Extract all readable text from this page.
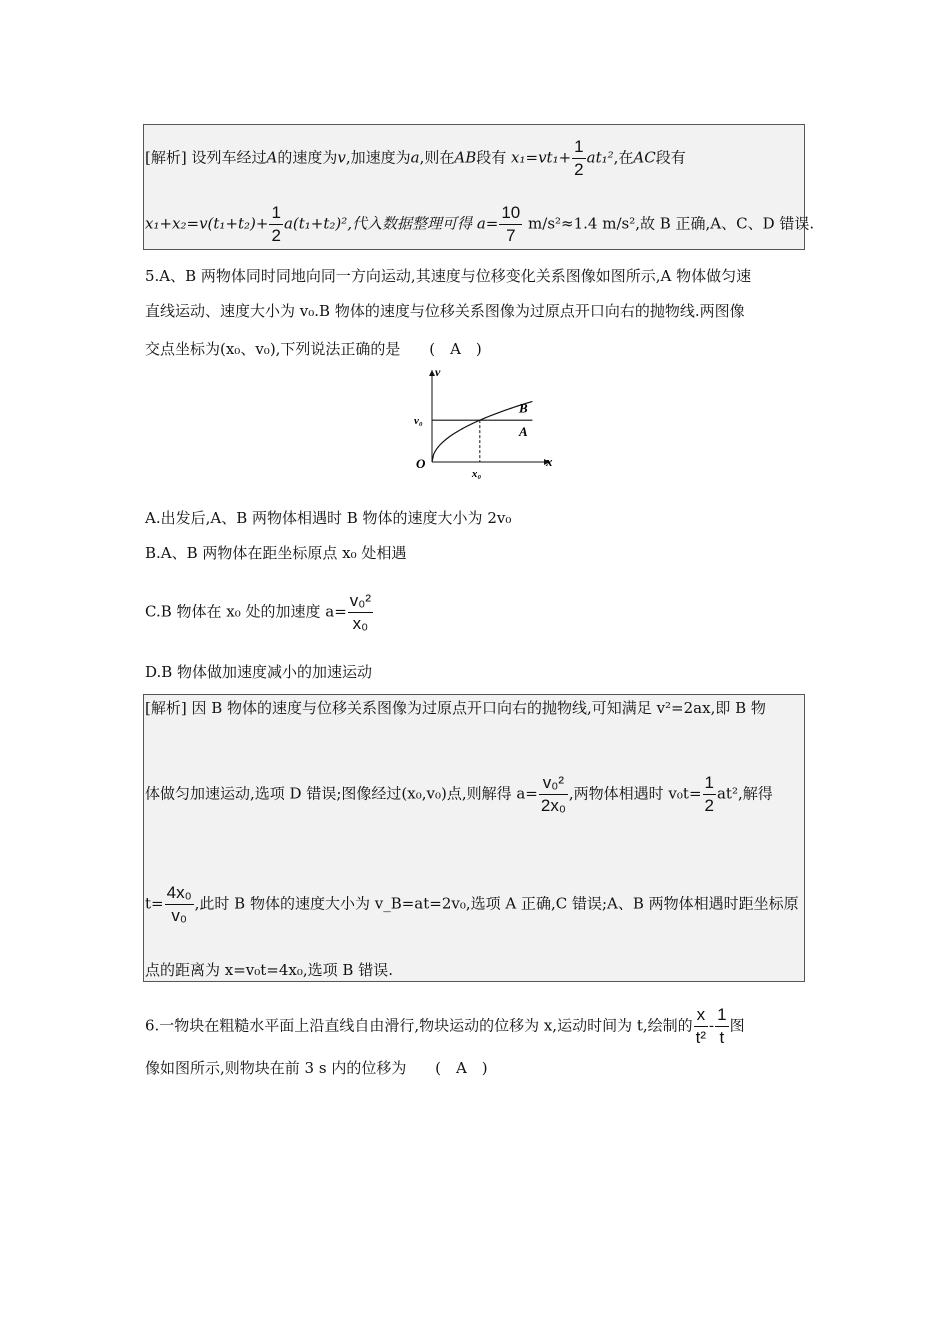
[解析] 设列车经过A的速度为v,加速度为a,则在AB段有 $x_1=vt_1+ \frac{1}{2} at_1^2$,在AC段有
$x_1+x_2=v(t_1+t_2)+ \frac{1}{2} a(t_1+t_2)^2$,代入数据整理可得 $a= \frac{10}{7} m/s^2\approx 1.4$ m/s²,故 B 正确,A、C、D 错误.
5.A、B 两物体同时同地向同一方向运动,其速度与位移变化关系图像如图所示,A 物体做匀速
直线运动、速度大小为 v₀.B 物体的速度与位移关系图像为过原点开口向右的抛物线.两图像
交点坐标为(x₀、v₀),下列说法正确的是 (　A　)
x₀
v₀
O	x
v
B
A
A.出发后,A、B 两物体相遇时 B 物体的速度大小为 2v₀
B.A、B 两物体在距坐标原点 x₀ 处相遇
C.B 物体在 x₀ 处的加速度 $a= \frac{\text{v₀²}}{\text{x₀}}$
D.B 物体做加速度减小的加速运动
[解析] 因 B 物体的速度与位移关系图像为过原点开口向右的抛物线,可知满足 v²=2ax,即 B 物
体做匀加速运动,选项 D 错误;图像经过(x₀,v₀)点,则解得 $a= \frac{\text{v₀²}}{\text{2x₀}}$ ,两物体相遇时 $v_0t= \frac{1}{2} at^2$,解得
$t= \frac{\text{4x₀}}{\text{v₀}}$ ,此时 B 物体的速度大小为 v_B=at=2v₀,选项 A 正确,C 错误;A、B 两物体相遇时距坐标原
点的距离为 x=v₀t=4x₀,选项 B 错误.
6.一物块在粗糙水平面上沿直线自由滑行,物块运动的位移为 x,运动时间为 t,绘制的 $\frac{x}{\text{t²}} - \frac{1}{t}$ 图
像如图所示,则物块在前 3 s 内的位移为 (　A　)
